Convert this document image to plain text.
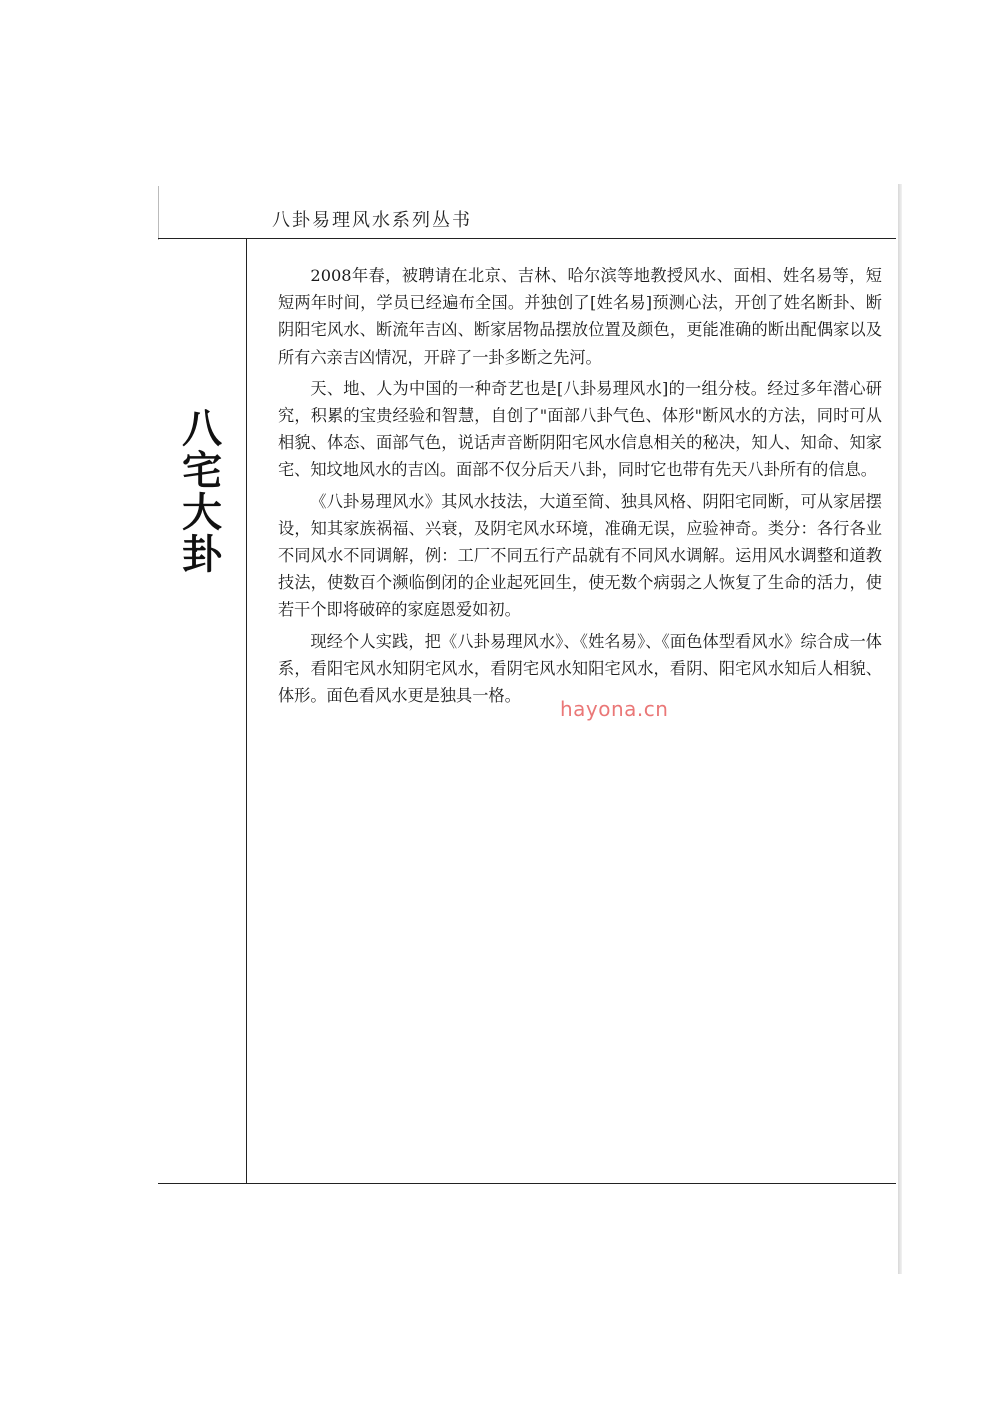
八卦易理风水系列丛书
八
宅
大
卦

2008年春，被聘请在北京、吉林、哈尔滨等地教授风水、面相、姓名易等，短短两年时间，学员已经遍布全国。并独创了[姓名易]预测心法，开创了姓名断卦、断阴阳宅风水、断流年吉凶、断家居物品摆放位置及颜色，更能准确的断出配偶家以及所有六亲吉凶情况，开辟了一卦多断之先河。

天、地、人为中国的一种奇艺也是[八卦易理风水]的一组分枝。经过多年潜心研究，积累的宝贵经验和智慧，自创了"面部八卦气色、体形"断风水的方法，同时可从相貌、体态、面部气色，说话声音断阴阳宅风水信息相关的秘决，知人、知命、知家宅、知坟地风水的吉凶。面部不仅分后天八卦，同时它也带有先天八卦所有的信息。

《八卦易理风水》其风水技法，大道至简、独具风格、阴阳宅同断，可从家居摆设，知其家族祸福、兴衰，及阴宅风水环境，准确无误，应验神奇。类分：各行各业不同风水不同调解，例：工厂不同五行产品就有不同风水调解。运用风水调整和道教技法，使数百个濒临倒闭的企业起死回生，使无数个病弱之人恢复了生命的活力，使若干个即将破碎的家庭恩爱如初。

现经个人实践，把《八卦易理风水》、《姓名易》、《面色体型看风水》综合成一体系，看阳宅风水知阴宅风水，看阴宅风水知阳宅风水，看阴、阳宅风水知后人相貌、体形。面色看风水更是独具一格。

hayona.cn
